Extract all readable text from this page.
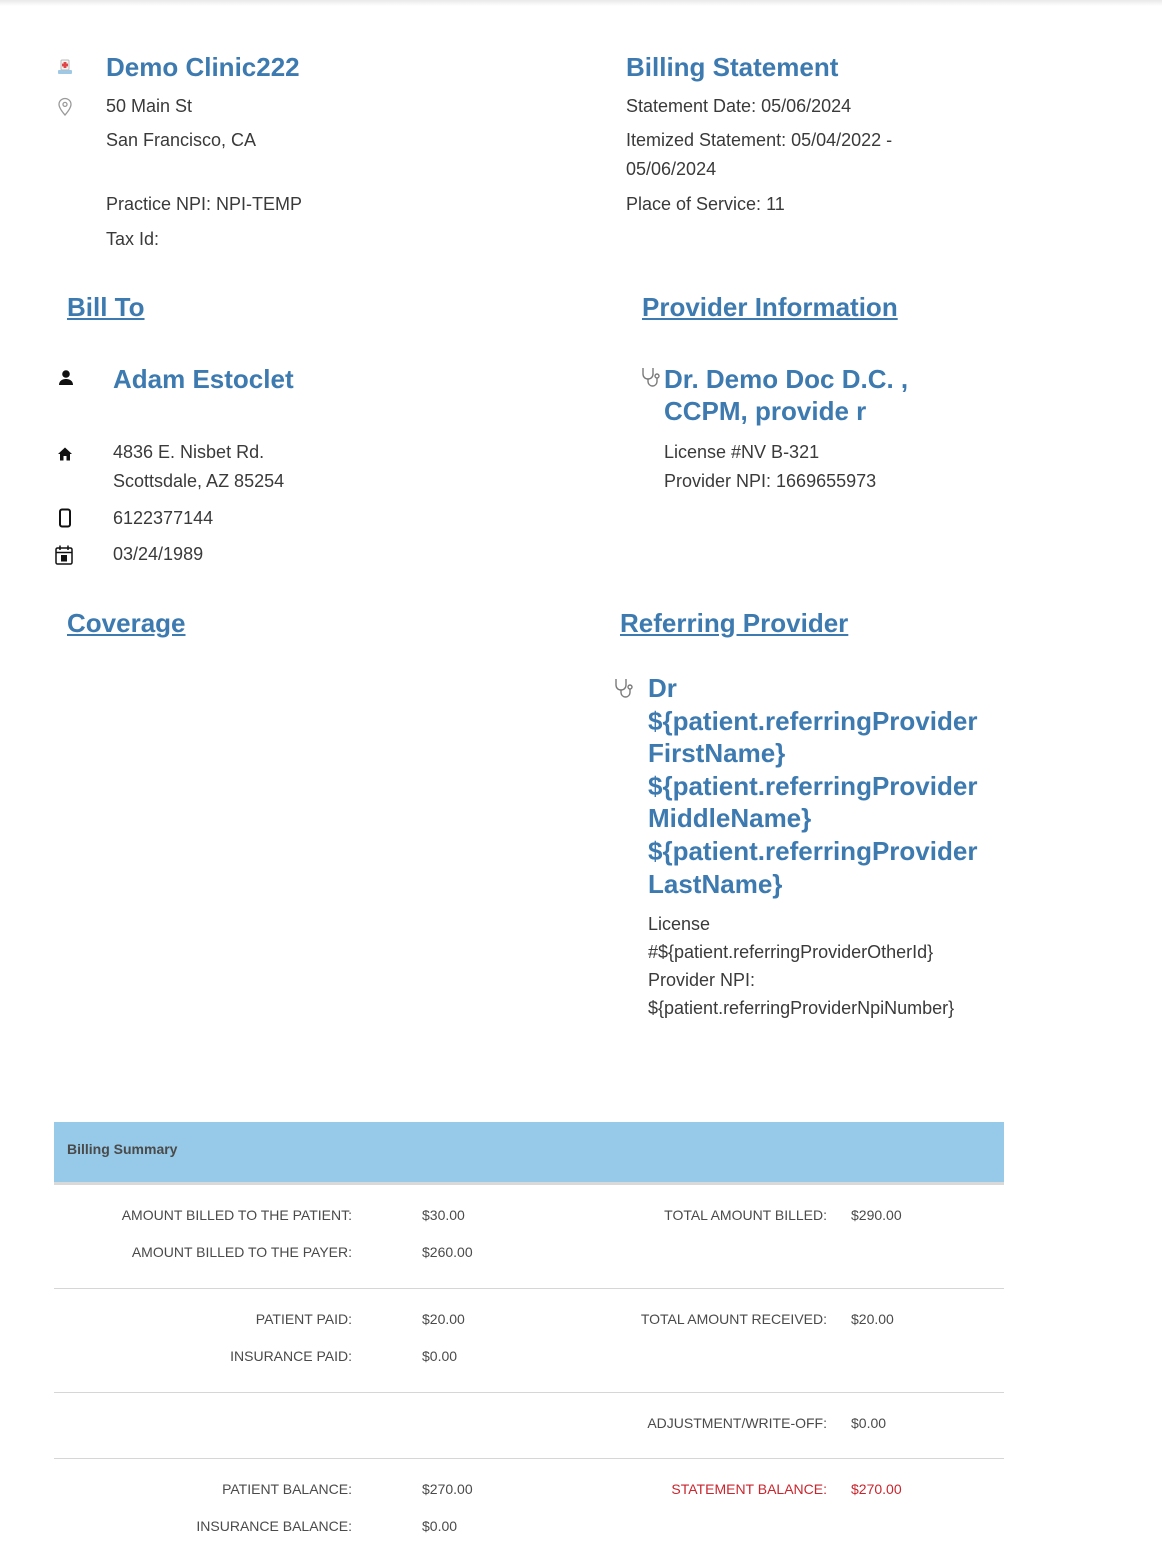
Demo Clinic222
50 Main St
San Francisco, CA
Practice NPI: NPI-TEMP
Tax Id:
Billing Statement
Statement Date: 05/06/2024
Itemized Statement: 05/04/2022 -
05/06/2024
Place of Service: 11
Bill To
Adam Estoclet
4836 E. Nisbet Rd.
Scottsdale, AZ 85254
6122377144
03/24/1989
Provider Information
Dr. Demo Doc D.C. ,
CCPM, provide r
License #NV B-321
Provider NPI: 1669655973
Coverage	Referring Provider
Dr
${patient.referringProvider
FirstName}
${patient.referringProvider
MiddleName}
${patient.referringProvider
LastName}
License
#${patient.referringProviderOtherId}
Provider NPI:
${patient.referringProviderNpiNumber}
Billing Summary
AMOUNT BILLED TO THE PATIENT:	$30.00	TOTAL AMOUNT BILLED: $290.00
AMOUNT BILLED TO THE PAYER:	$260.00
PATIENT PAID:	$20.00	TOTAL AMOUNT RECEIVED: $20.00
INSURANCE PAID:	$0.00
ADJUSTMENT/WRITE-OFF: $0.00
PATIENT BALANCE:	$270.00	STATEMENT BALANCE: $270.00
INSURANCE BALANCE:	$0.00
